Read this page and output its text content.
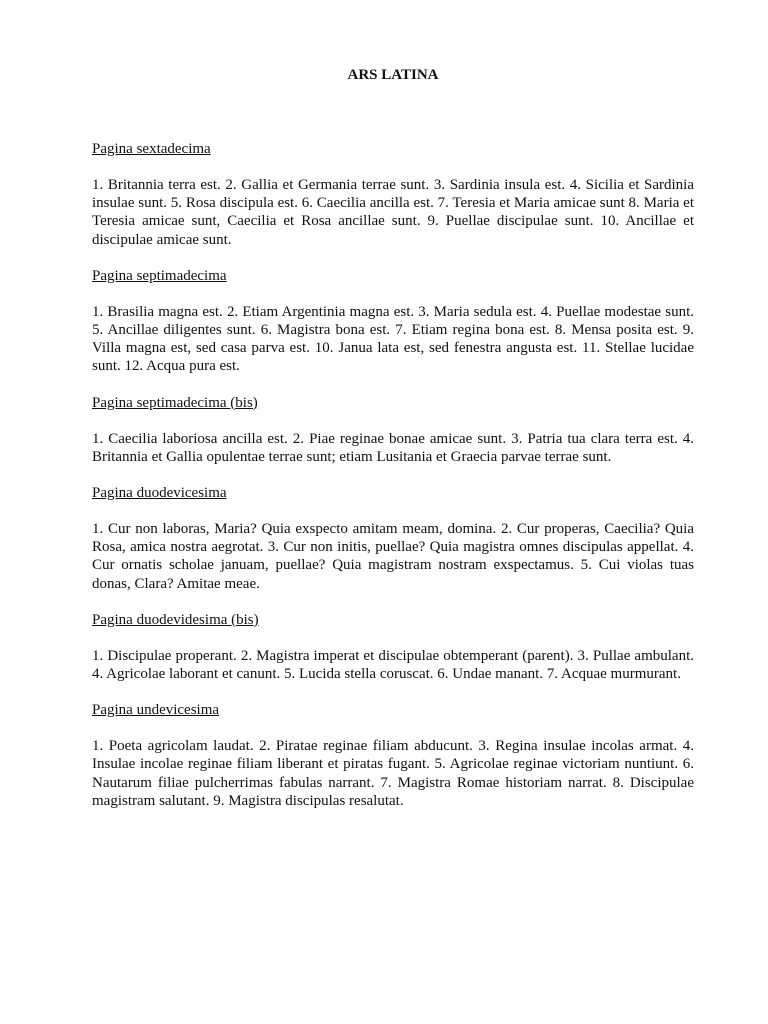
ARS LATINA
Pagina sextadecima
1. Britannia terra est. 2. Gallia et Germania terrae sunt. 3. Sardinia insula est. 4. Sicilia et Sardinia insulae sunt. 5. Rosa discipula est. 6. Caecilia ancilla est. 7. Teresia et Maria amicae sunt 8. Maria et Teresia amicae sunt, Caecilia et Rosa ancillae sunt. 9. Puellae discipulae sunt. 10. Ancillae et discipulae amicae sunt.
Pagina septimadecima
1. Brasilia magna est. 2. Etiam Argentinia magna est. 3. Maria sedula est. 4. Puellae modestae sunt. 5. Ancillae diligentes sunt. 6. Magistra bona est. 7. Etiam regina bona est. 8. Mensa posita est. 9. Villa magna est, sed casa parva est. 10. Janua lata est, sed fenestra angusta est. 11. Stellae lucidae sunt. 12. Acqua pura est.
Pagina septimadecima (bis)
1. Caecilia laboriosa ancilla est. 2. Piae reginae bonae amicae sunt. 3. Patria tua clara terra est. 4. Britannia et Gallia opulentae terrae sunt; etiam Lusitania et Graecia parvae terrae sunt.
Pagina duodevicesima
1. Cur non laboras, Maria? Quia exspecto amitam meam, domina. 2. Cur properas, Caecilia? Quia Rosa, amica nostra aegrotat. 3. Cur non initis, puellae? Quia magistra omnes discipulas appellat. 4. Cur ornatis scholae januam, puellae? Quia magistram nostram exspectamus. 5. Cui violas tuas donas, Clara? Amitae meae.
Pagina duodevidesima (bis)
1. Discipulae properant. 2. Magistra imperat et discipulae obtemperant (parent). 3. Pullae ambulant. 4. Agricolae laborant et canunt. 5. Lucida stella coruscat. 6. Undae manant. 7. Acquae murmurant.
Pagina undevicesima
1. Poeta agricolam laudat. 2. Piratae reginae filiam abducunt. 3. Regina insulae incolas armat. 4. Insulae incolae reginae filiam liberant et piratas fugant. 5. Agricolae reginae victoriam nuntiunt. 6. Nautarum filiae pulcherrimas fabulas narrant. 7. Magistra Romae historiam narrat. 8. Discipulae magistram salutant. 9. Magistra discipulas resalutat.
